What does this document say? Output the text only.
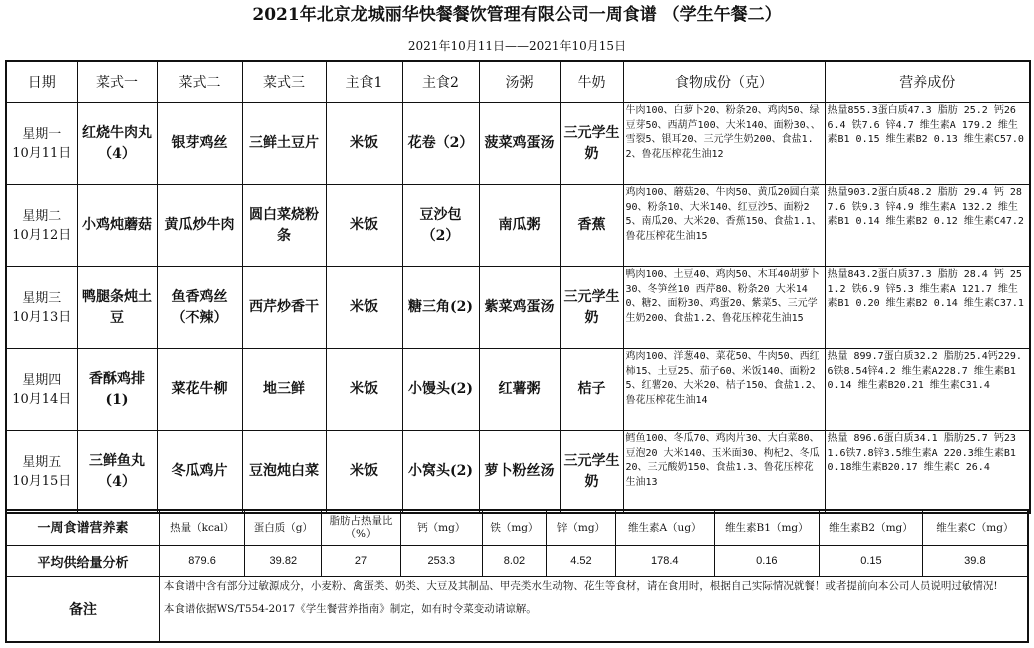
2021年北京龙城丽华快餐餐饮管理有限公司一周食谱 （学生午餐二）
2021年10月11日——2021年10月15日
日期	菜式一	菜式二	菜式三	主食1	主食2	汤粥	牛奶	食物成份（克）	营养成份

星期一
10月11日	红烧牛肉丸（4）	银芽鸡丝	三鲜土豆片	米饭	花卷（2）	菠菜鸡蛋汤	三元学生奶	牛肉100、白萝卜20、粉条20、鸡肉50、绿豆芽50、西葫芦100、大米140、面粉30、、雪裂5、银耳20、三元学生奶200、食盐1.2、鲁花压榨花生油12	热量855.3蛋白质47.3 脂肪 25.2 钙266.4 铁7.6 锌4.7 维生素A 179.2 维生素B1 0.15 维生素B2 0.13 维生素C57.0

星期二
10月12日	小鸡炖蘑菇	黄瓜炒牛肉	圆白菜烧粉条	米饭	豆沙包（2）	南瓜粥	香蕉	鸡肉100、蘑菇20、牛肉50、黄瓜20圆白菜90、粉条10、大米140、红豆沙5、面粉25、南瓜20、大米20、香蕉150、食盐1.1、鲁花压榨花生油15	热量903.2蛋白质48.2 脂肪 29.4 钙 287.6 铁9.3 锌4.9 维生素A 132.2 维生素B1 0.14 维生素B2 0.12 维生素C47.2

星期三
10月13日	鸭腿条炖土豆	鱼香鸡丝（不辣）	西芹炒香干	米饭	糖三角(2)	紫菜鸡蛋汤	三元学生奶	鸭肉100、土豆40、鸡肉50、木耳40胡萝卜30、冬笋丝10 西芹80、粉条20 大米140、糖2、面粉30、鸡蛋20、紫菜5、三元学生奶200、食盐1.2、鲁花压榨花生油15	热量843.2蛋白质37.3 脂肪 28.4 钙 251.2 铁6.9 锌5.3 维生素A 121.7 维生素B1 0.20 维生素B2 0.14 维生素C37.1

星期四
10月14日	香酥鸡排(1)	菜花牛柳	地三鲜	米饭	小馒头(2)	红薯粥	桔子	鸡肉100、洋葱40、菜花50、牛肉50、西红柿15、土豆25、茄子60、米饭140、面粉25、红薯20、大米20、桔子150、食盐1.2、鲁花压榨花生油14	热量 899.7蛋白质32.2 脂肪25.4钙229.6铁8.54锌4.2 维生素A228.7 维生素B10.14 维生素B20.21 维生素C31.4

星期五
10月15日	三鲜鱼丸（4）	冬瓜鸡片	豆泡炖白菜	米饭	小窝头(2)	萝卜粉丝汤	三元学生奶	鳕鱼100、冬瓜70、鸡肉片30、大白菜80、豆泡20 大米140、玉米面30、枸杞2、冬瓜20、三元酸奶150、食盐1.3、鲁花压榨花生油13	热量 896.6蛋白质34.1 脂肪25.7 钙231.6铁7.8锌3.5维生素A 220.3维生素B1 0.18维生素B20.17 维生素C 26.4
一周食谱营养素	热量（kcal）	蛋白质（g）	脂肪占热量比（%）	钙（mg）	铁（mg）	锌（mg）	维生素A（ug）	维生素B1（mg）	维生素B2（mg）	维生素C（mg）
平均供给量分析	879.6	39.82	27	253.3	8.02	4.52	178.4	0.16	0.15	39.8
备注	本食谱中含有部分过敏源成分，小麦粉、禽蛋类、奶类、大豆及其制品、甲壳类水生动物、花生等食材，请在食用时，根据自己实际情况就餐！或者提前向本公司人员说明过敏情况!

本食谱依据WS/T554-2017《学生餐营养指南》制定，如有时令菜变动请谅解。									
